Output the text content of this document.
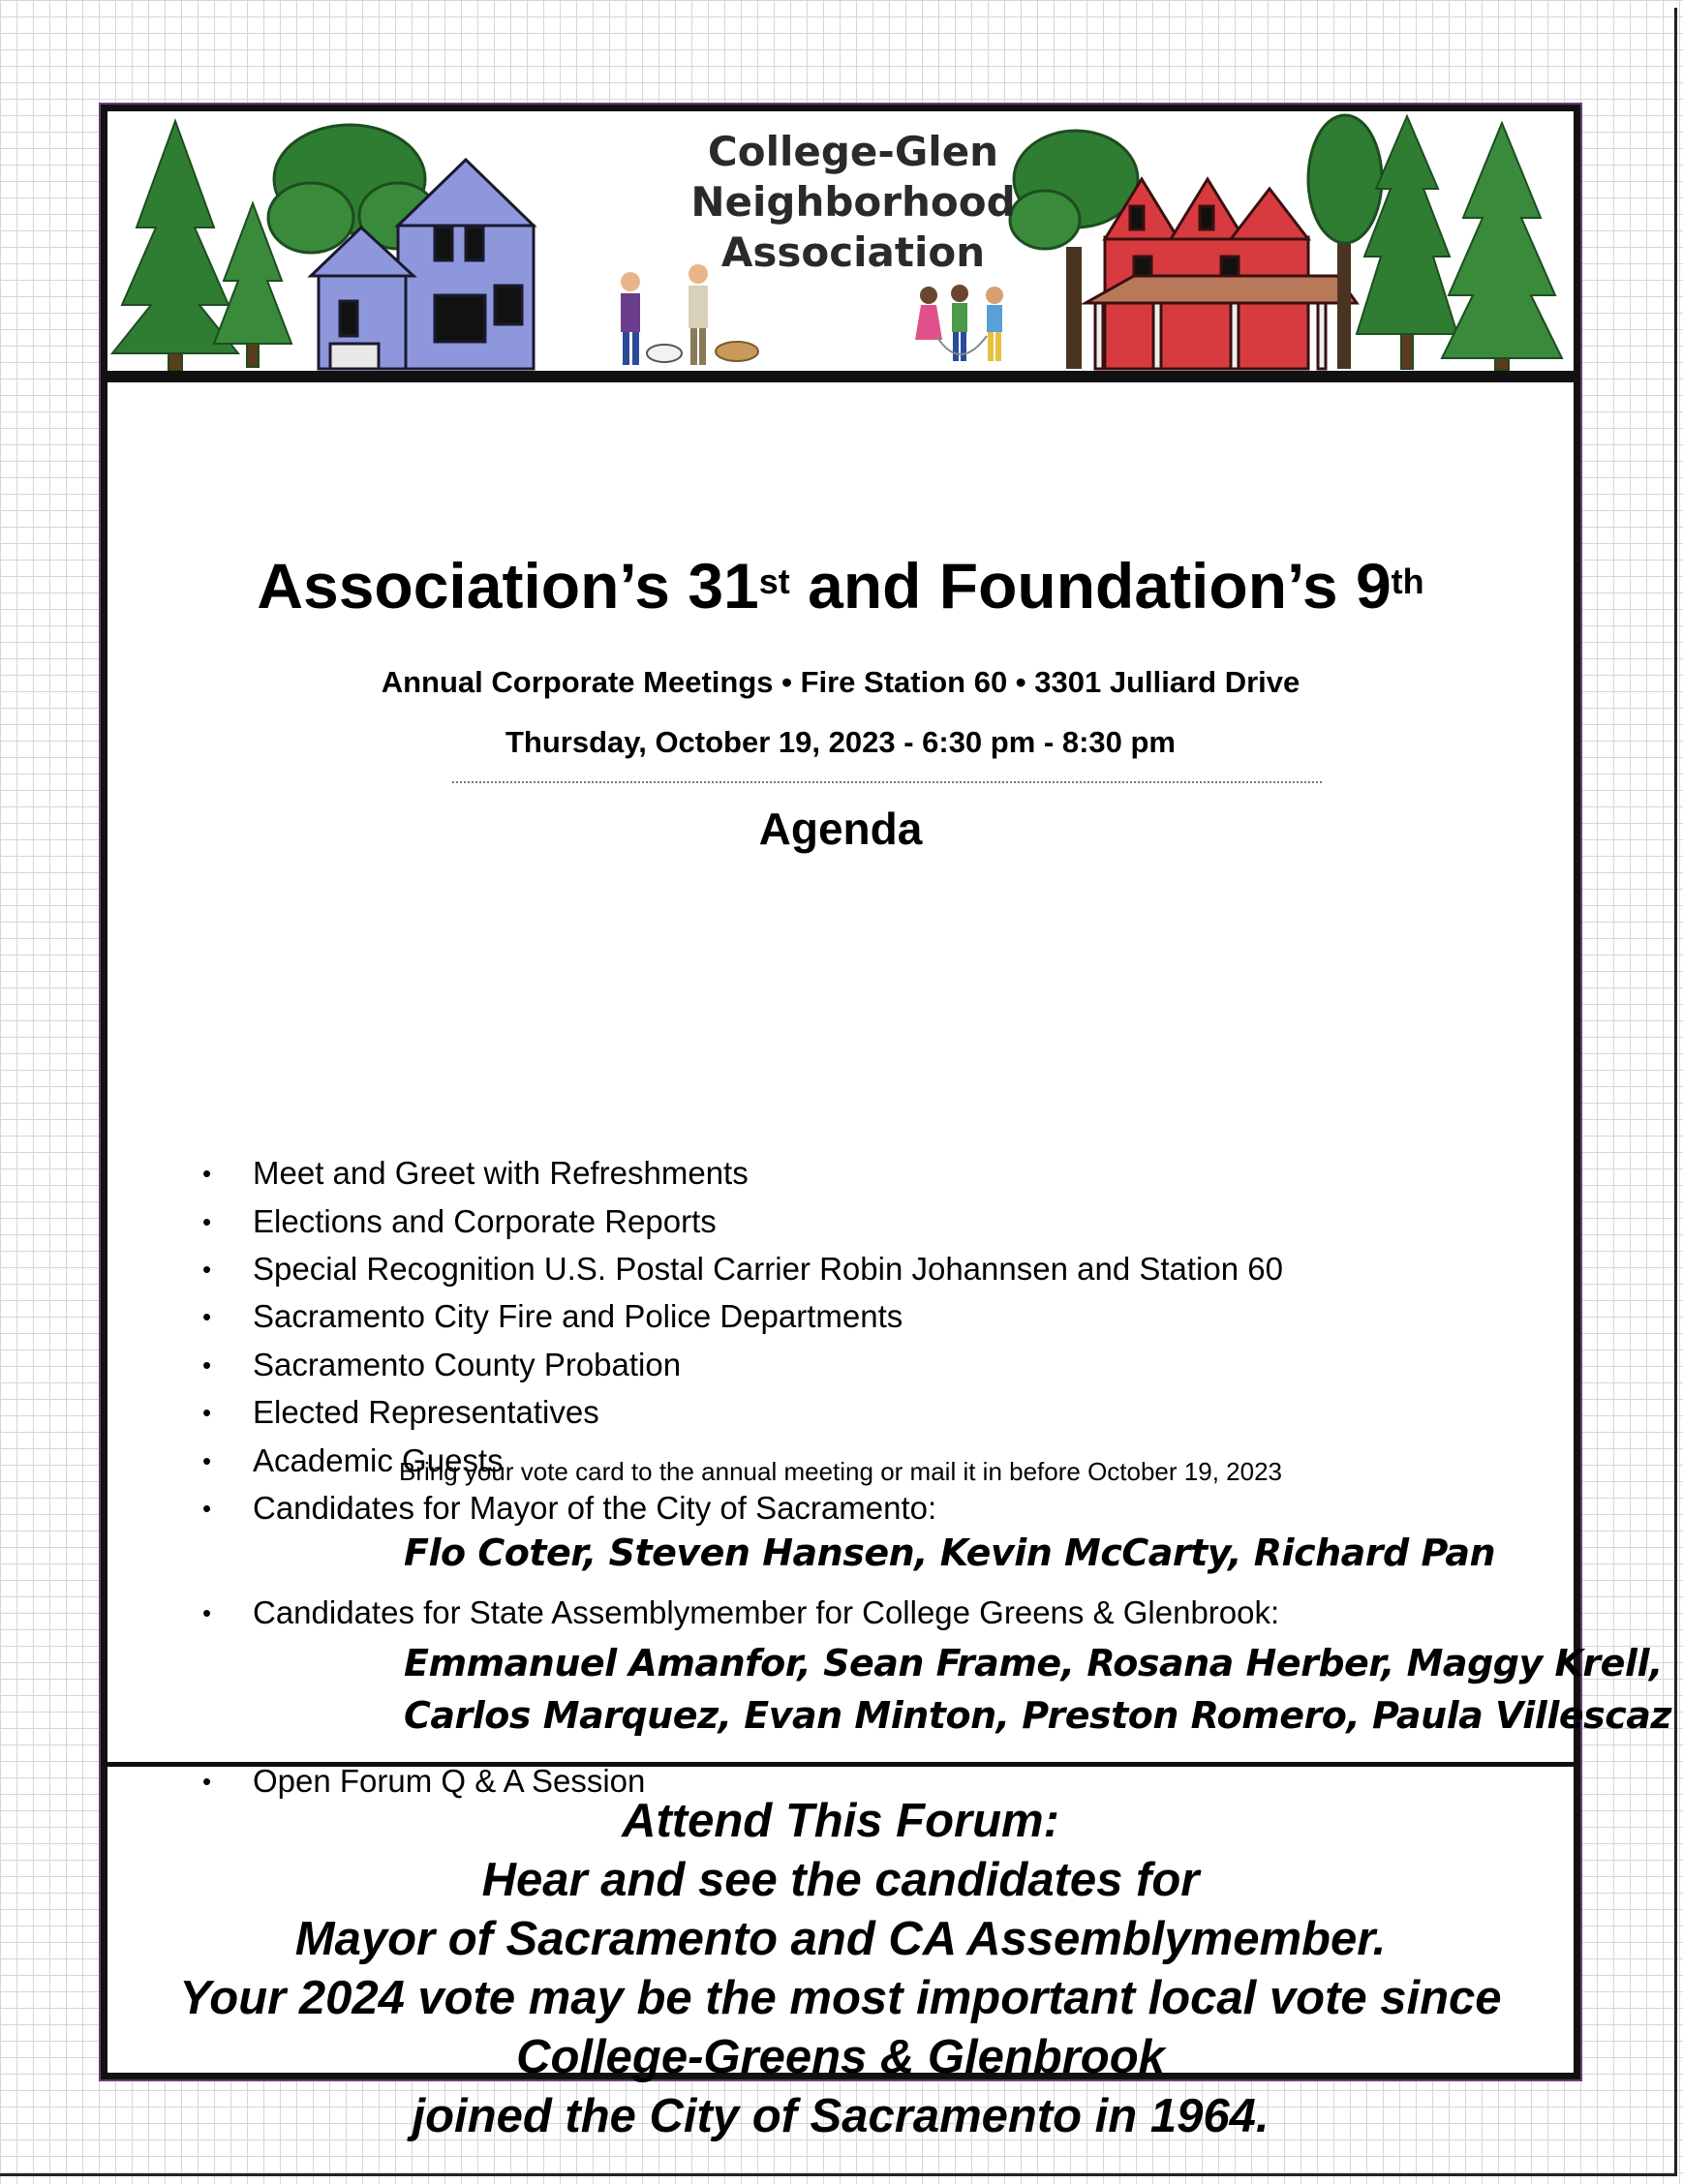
College-Glen
Neighborhood
Association
Association’s 31st and Foundation’s 9th
Annual Corporate Meetings • Fire Station 60 • 3301 Julliard Drive
Thursday, October 19, 2023 - 6:30 pm - 8:30 pm
Agenda
• Meet and Greet with Refreshments
• Elections and Corporate Reports
• Special Recognition U.S. Postal Carrier Robin Johannsen and Station 60
• Sacramento City Fire and Police Departments
• Sacramento County Probation
• Elected Representatives
• Academic Guests
• Candidates for Mayor of the City of Sacramento:
Flo Coter, Steven Hansen, Kevin McCarty, Richard Pan
• Candidates for State Assemblymember for College Greens & Glenbrook:
Emmanuel Amanfor, Sean Frame, Rosana Herber, Maggy Krell,
Carlos Marquez, Evan Minton, Preston Romero, Paula Villescaz
• Open Forum Q & A Session
Bring your vote card to the annual meeting or mail it in before October 19, 2023
Attend This Forum:
Hear and see the candidates for
Mayor of Sacramento and CA Assemblymember.
Your 2024 vote may be the most important local vote since
College-Greens & Glenbrook
joined the City of Sacramento in 1964.
